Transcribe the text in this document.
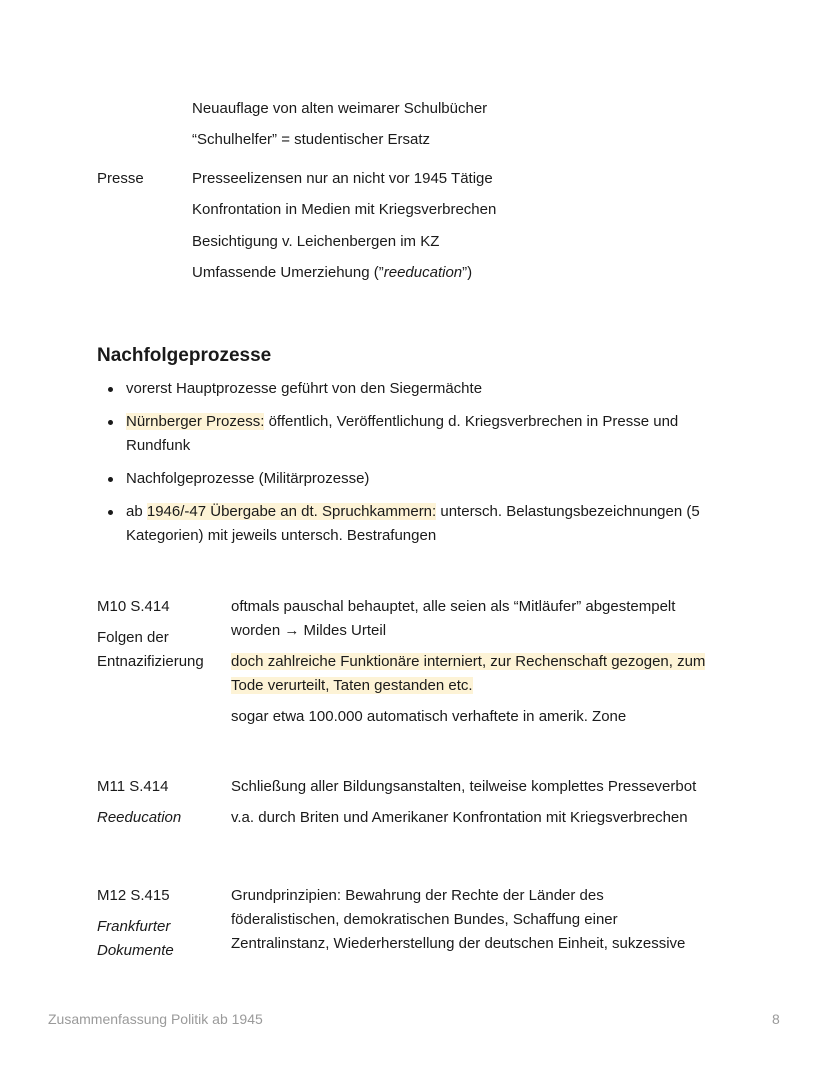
Neuauflage von alten weimarer Schulbücher
“Schulhelfer” = studentischer Ersatz
Presse	Presseelizensen nur an nicht vor 1945 Tätige
Konfrontation in Medien mit Kriegsverbrechen
Besichtigung v. Leichenbergen im KZ
Umfassende Umerziehung (”reeducation”)
Nachfolgeprozesse
vorerst Hauptprozesse geführt von den Siegermächte
Nürnberger Prozess: öffentlich, Veröffentlichung d. Kriegsverbrechen in Presse und Rundfunk
Nachfolgeprozesse (Militärprozesse)
ab 1946/-47 Übergabe an dt. Spruchkammern: untersch. Belastungsbezeichnungen (5 Kategorien) mit jeweils untersch. Bestrafungen
M10 S.414
Folgen der
Entnazifizierung
oftmals pauschal behauptet, alle seien als “Mitläufer” abgestempelt
worden → Mildes Urteil
doch zahlreiche Funktionäre interniert, zur Rechenschaft gezogen, zum
Tode verurteilt, Taten gestanden etc.
sogar etwa 100.000 automatisch verhaftete in amerik. Zone
M11 S.414
Reeducation
Schließung aller Bildungsanstalten, teilweise komplettes Presseverbot
v.a. durch Briten und Amerikaner Konfrontation mit Kriegsverbrechen
M12 S.415
Frankfurter
Dokumente
Grundprinzipien: Bewahrung der Rechte der Länder des
föderalistischen, demokratischen Bundes, Schaffung einer
Zentralinstanz, Wiederherstellung der deutschen Einheit, sukzessive
Zusammenfassung Politik ab 1945	8
